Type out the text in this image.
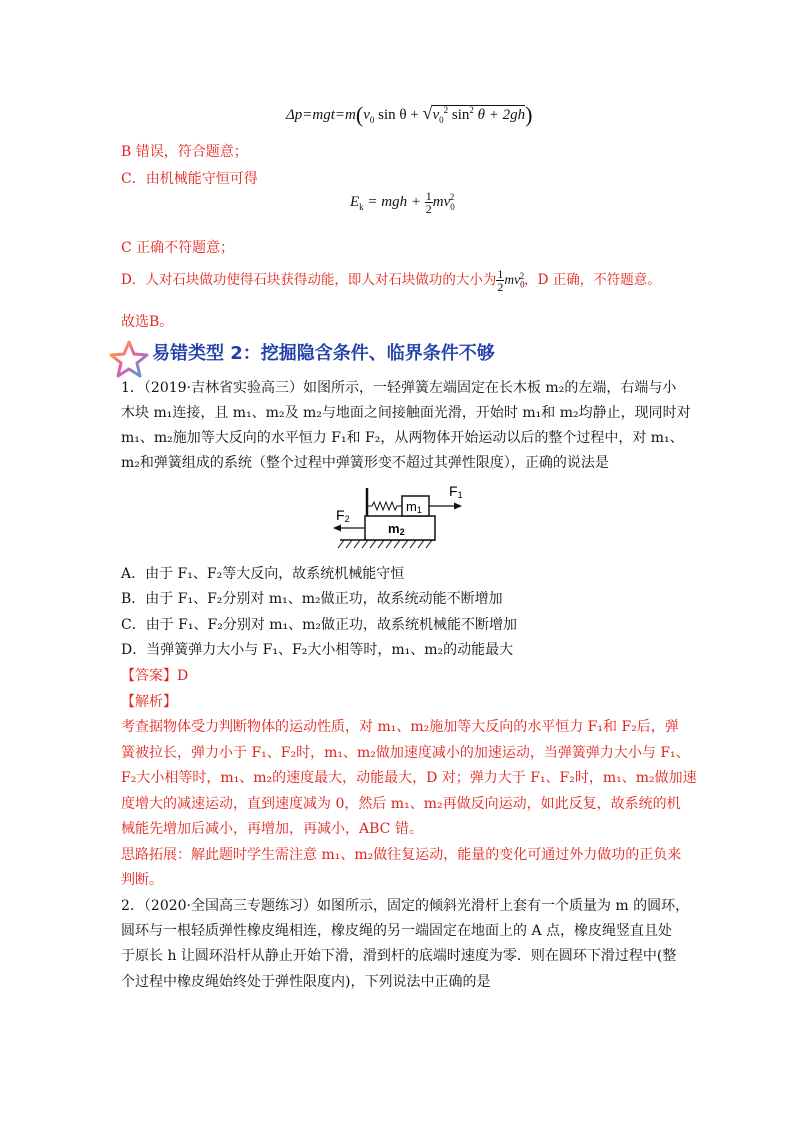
$\Delta p=mgt=m(v_0$ $\sin \theta + √v_0^2$ $\sin^2 \theta + 2gh$)
B 错误，符合题意；
C．由机械能守恒可得
$E_k$ = mgh + $\frac{1}{2} mv_0^2$
C 正确不符题意；
D．人对石块做功使得石块获得动能，即人对石块做功的大小为 $\frac{1}{2} mv_0^2$，D 正确，不符题意。
故选B。
易错类型 2：挖掘隐含条件、临界条件不够
1．（2019·吉林省实验高三）如图所示，一轻弹簧左端固定在长木板 m₂的左端，右端与小
木块 m₁连接，且 m₁、m₂及 m₂与地面之间接触面光滑，开始时 m₁和 m₂均静止，现同时对
m₁、m₂施加等大反向的水平恒力 F₁和 F₂，从两物体开始运动以后的整个过程中，对 m₁、
m₂和弹簧组成的系统（整个过程中弹簧形变不超过其弹性限度），正确的说法是
m1
m2
F1
F2
A．由于 F₁、F₂等大反向，故系统机械能守恒
B．由于 F₁、F₂分别对 m₁、m₂做正功，故系统动能不断增加
C．由于 F₁、F₂分别对 m₁、m₂做正功，故系统机械能不断增加
D．当弹簧弹力大小与 F₁、F₂大小相等时，m₁、m₂的动能最大
【答案】D
【解析】
考查据物体受力判断物体的运动性质，对 m₁、m₂施加等大反向的水平恒力 F₁和 F₂后，弹
簧被拉长，弹力小于 F₁、F₂时，m₁、m₂做加速度减小的加速运动，当弹簧弹力大小与 F₁、
F₂大小相等时，m₁、m₂的速度最大，动能最大，D 对；弹力大于 F₁、F₂时，m₁、m₂做加速
度增大的减速运动，直到速度减为 0，然后 m₁、m₂再做反向运动，如此反复，故系统的机
械能先增加后减小，再增加，再减小，ABC 错。
思路拓展：解此题时学生需注意 m₁、m₂做往复运动，能量的变化可通过外力做功的正负来
判断。
2．（2020·全国高三专题练习）如图所示，固定的倾斜光滑杆上套有一个质量为 m 的圆环，
圆环与一根轻质弹性橡皮绳相连，橡皮绳的另一端固定在地面上的 A 点，橡皮绳竖直且处
于原长 h 让圆环沿杆从静止开始下滑，滑到杆的底端时速度为零．则在圆环下滑过程中(整
个过程中橡皮绳始终处于弹性限度内)，下列说法中正确的是
